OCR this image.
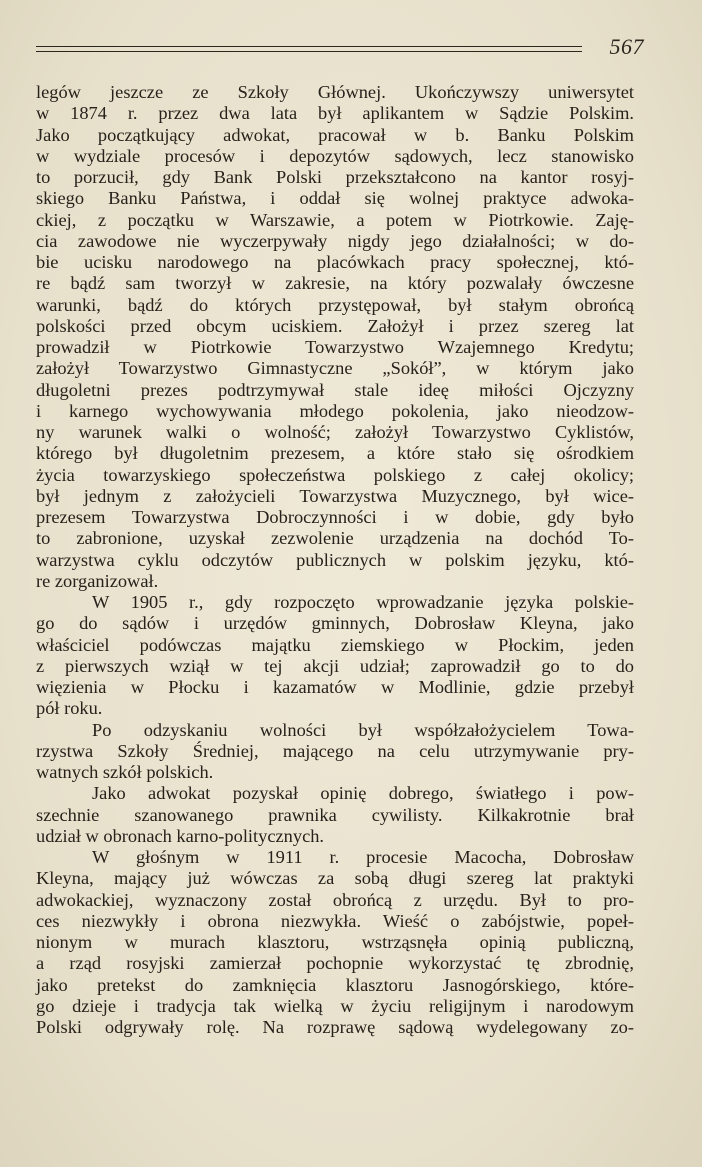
567
legów jeszcze ze Szkoły Głównej. Ukończywszy uniwersytet
w 1874 r. przez dwa lata był aplikantem w Sądzie Polskim.
Jako początkujący adwokat, pracował w b. Banku Polskim
w wydziale procesów i depozytów sądowych, lecz stanowisko
to porzucił, gdy Bank Polski przekształcono na kantor rosyj-
skiego Banku Państwa, i oddał się wolnej praktyce adwoka-
ckiej, z początku w Warszawie, a potem w Piotrkowie. Zaję-
cia zawodowe nie wyczerpywały nigdy jego działalności; w do-
bie ucisku narodowego na placówkach pracy społecznej, któ-
re bądź sam tworzył w zakresie, na który pozwalały ówczesne
warunki, bądź do których przystępował, był stałym obrońcą
polskości przed obcym uciskiem. Założył i przez szereg lat
prowadził w Piotrkowie Towarzystwo Wzajemnego Kredytu;
założył Towarzystwo Gimnastyczne „Sokół”, w którym jako
długoletni prezes podtrzymywał stale ideę miłości Ojczyzny
i karnego wychowywania młodego pokolenia, jako nieodzow-
ny warunek walki o wolność; założył Towarzystwo Cyklistów,
którego był długoletnim prezesem, a które stało się ośrodkiem
życia towarzyskiego społeczeństwa polskiego z całej okolicy;
był jednym z założycieli Towarzystwa Muzycznego, był wice-
prezesem Towarzystwa Dobroczynności i w dobie, gdy było
to zabronione, uzyskał zezwolenie urządzenia na dochód To-
warzystwa cyklu odczytów publicznych w polskim języku, któ-
re zorganizował.
W 1905 r., gdy rozpoczęto wprowadzanie języka polskie-
go do sądów i urzędów gminnych, Dobrosław Kleyna, jako
właściciel podówczas majątku ziemskiego w Płockim, jeden
z pierwszych wziął w tej akcji udział; zaprowadził go to do
więzienia w Płocku i kazamatów w Modlinie, gdzie przebył
pół roku.
Po odzyskaniu wolności był współzałożycielem Towa-
rzystwa Szkoły Średniej, mającego na celu utrzymywanie pry-
watnych szkół polskich.
Jako adwokat pozyskał opinię dobrego, światłego i pow-
szechnie szanowanego prawnika cywilisty. Kilkakrotnie brał
udział w obronach karno-politycznych.
W głośnym w 1911 r. procesie Macocha, Dobrosław
Kleyna, mający już wówczas za sobą długi szereg lat praktyki
adwokackiej, wyznaczony został obrońcą z urzędu. Był to pro-
ces niezwykły i obrona niezwykła. Wieść o zabójstwie, popeł-
nionym w murach klasztoru, wstrząsnęła opinią publiczną,
a rząd rosyjski zamierzał pochopnie wykorzystać tę zbrodnię,
jako pretekst do zamknięcia klasztoru Jasnogórskiego, które-
go dzieje i tradycja tak wielką w życiu religijnym i narodowym
Polski odgrywały rolę. Na rozprawę sądową wydelegowany zo-
